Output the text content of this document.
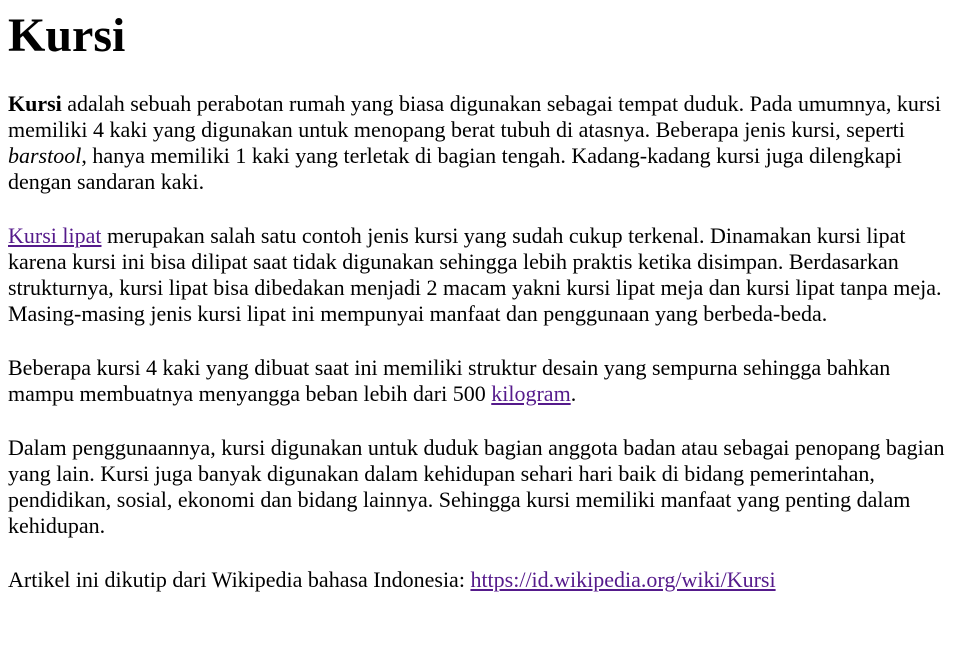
Kursi

Kursi adalah sebuah perabotan rumah yang biasa digunakan sebagai tempat duduk. Pada umumnya, kursi memiliki 4 kaki yang digunakan untuk menopang berat tubuh di atasnya. Beberapa jenis kursi, seperti barstool, hanya memiliki 1 kaki yang terletak di bagian tengah. Kadang-kadang kursi juga dilengkapi dengan sandaran kaki.

Kursi lipat merupakan salah satu contoh jenis kursi yang sudah cukup terkenal. Dinamakan kursi lipat karena kursi ini bisa dilipat saat tidak digunakan sehingga lebih praktis ketika disimpan. Berdasarkan strukturnya, kursi lipat bisa dibedakan menjadi 2 macam yakni kursi lipat meja dan kursi lipat tanpa meja. Masing-masing jenis kursi lipat ini mempunyai manfaat dan penggunaan yang berbeda-beda.

Beberapa kursi 4 kaki yang dibuat saat ini memiliki struktur desain yang sempurna sehingga bahkan mampu membuatnya menyangga beban lebih dari 500 kilogram.

Dalam penggunaannya, kursi digunakan untuk duduk bagian anggota badan atau sebagai penopang bagian yang lain. Kursi juga banyak digunakan dalam kehidupan sehari hari baik di bidang pemerintahan, pendidikan, sosial, ekonomi dan bidang lainnya. Sehingga kursi memiliki manfaat yang penting dalam kehidupan.

Artikel ini dikutip dari Wikipedia bahasa Indonesia: https://id.wikipedia.org/wiki/Kursi
